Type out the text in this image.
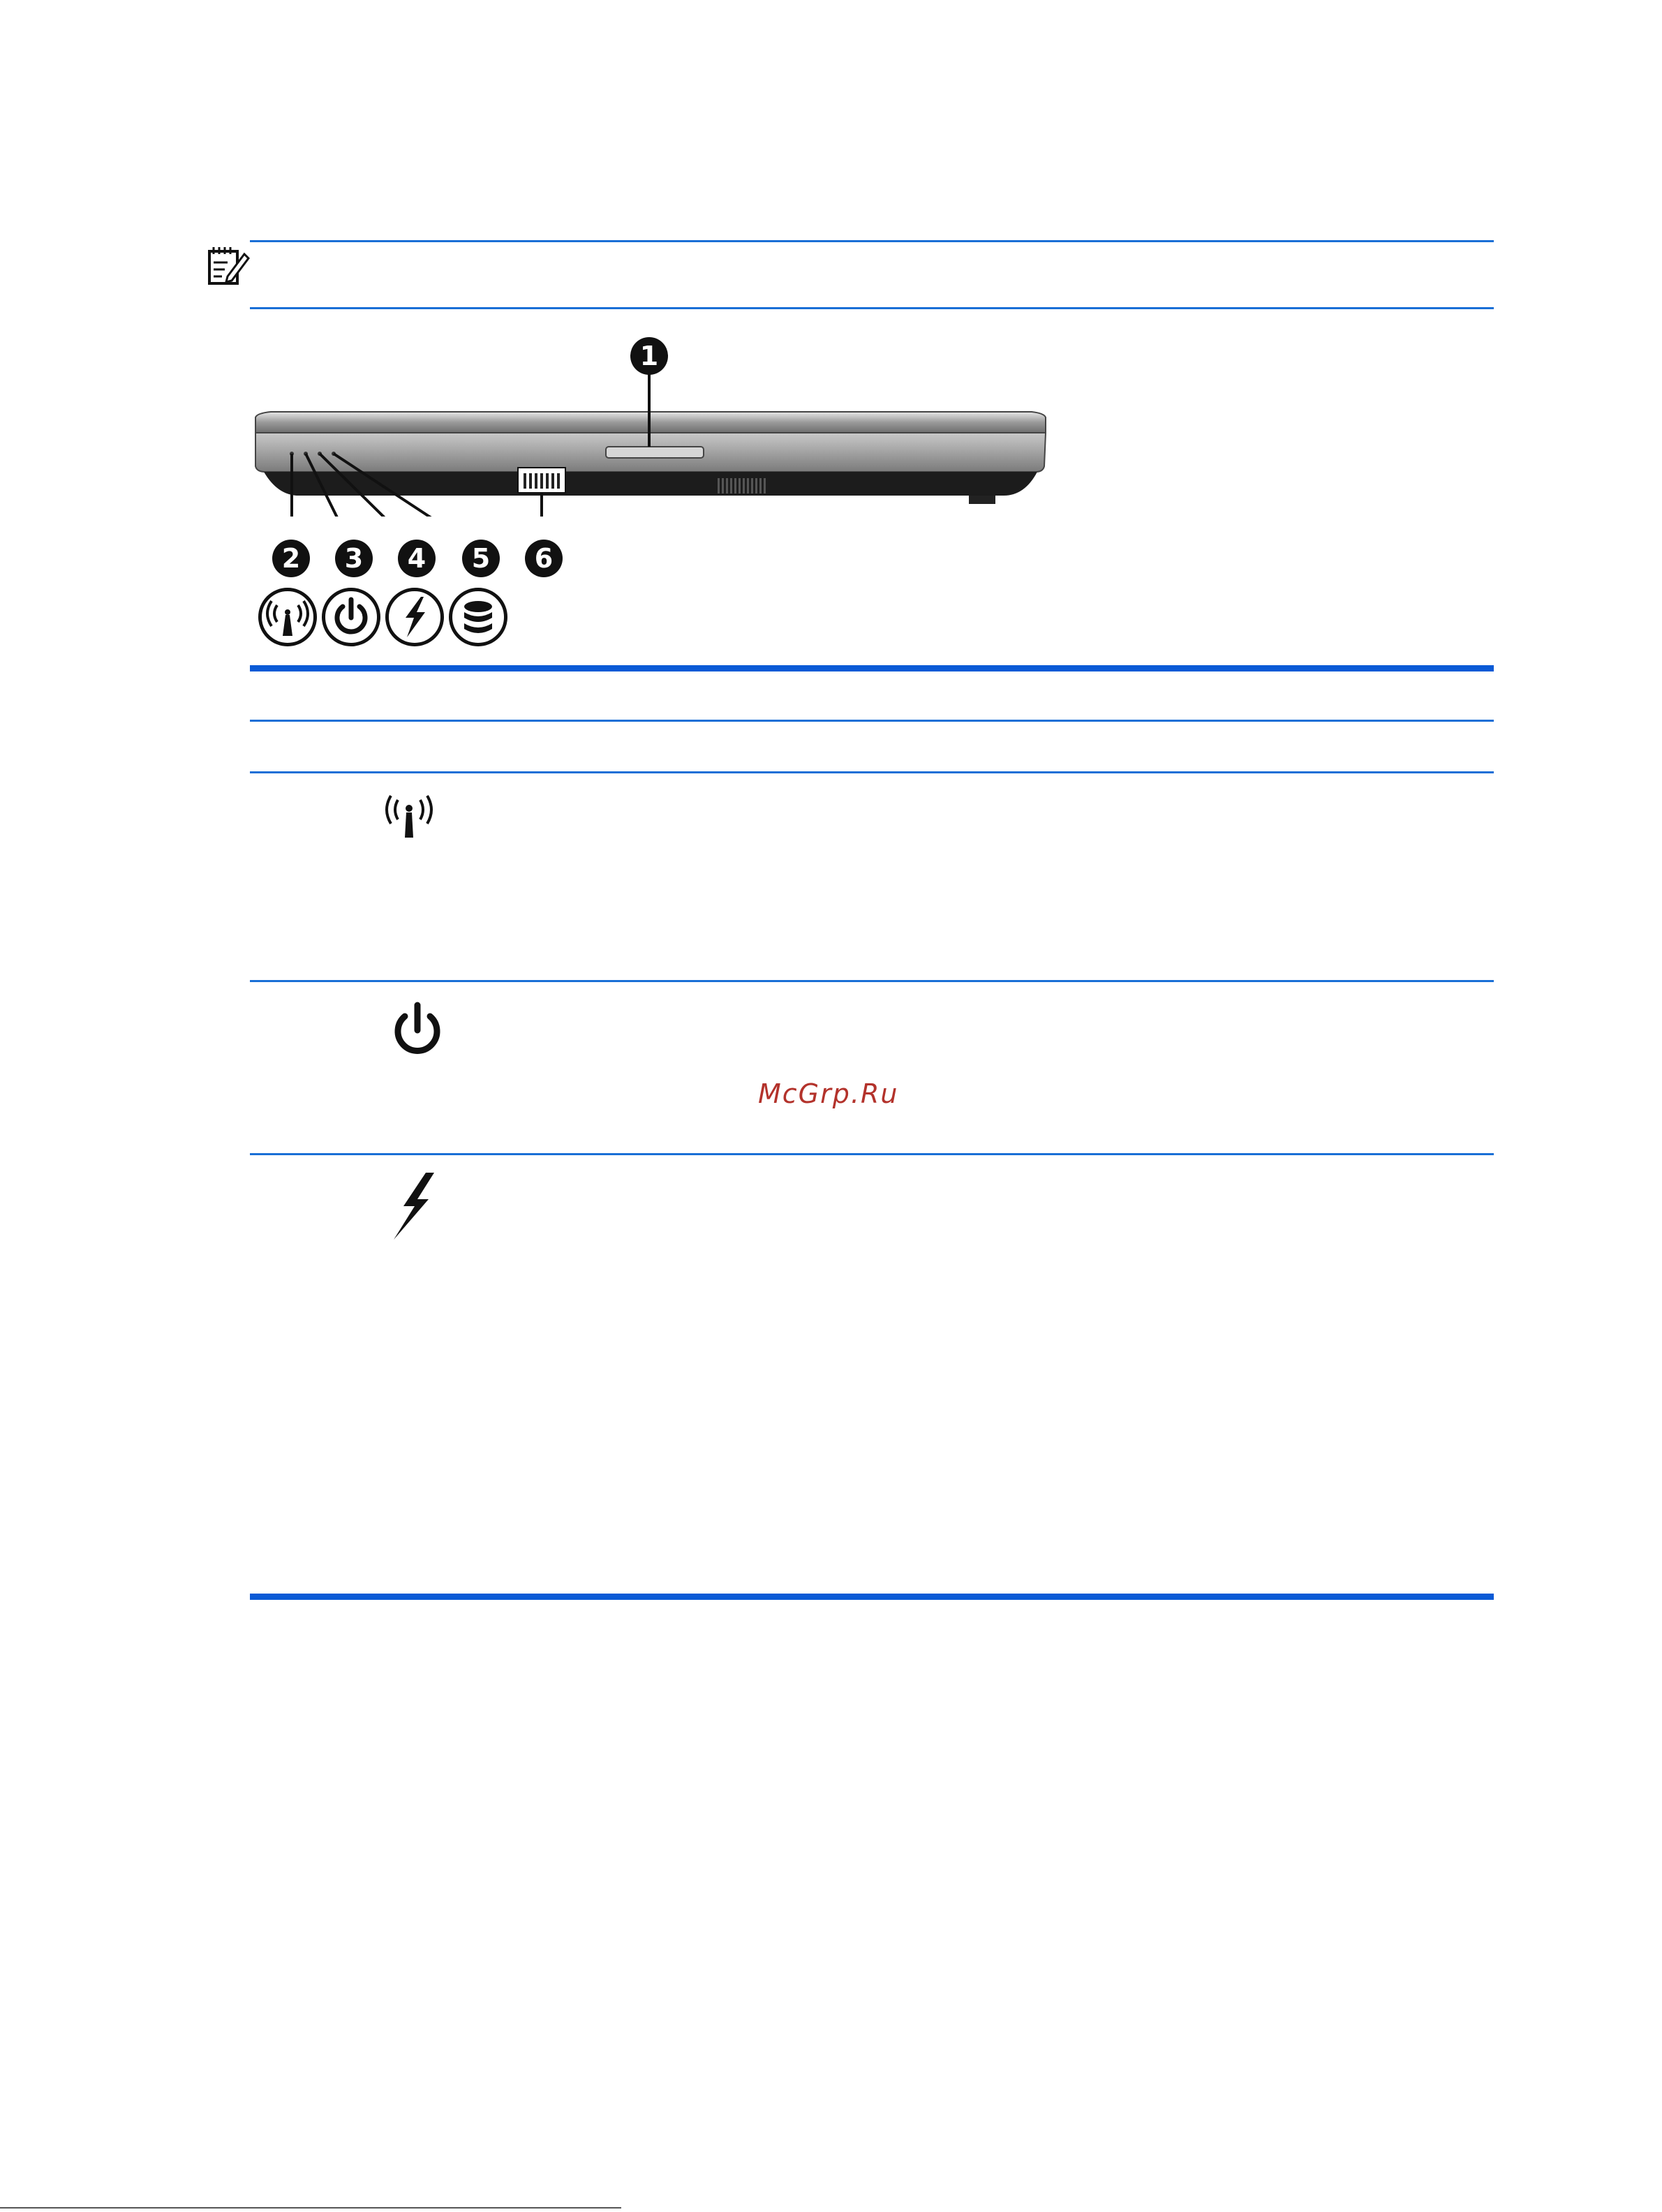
1
2	3	4	5	6
McGrp.Ru
